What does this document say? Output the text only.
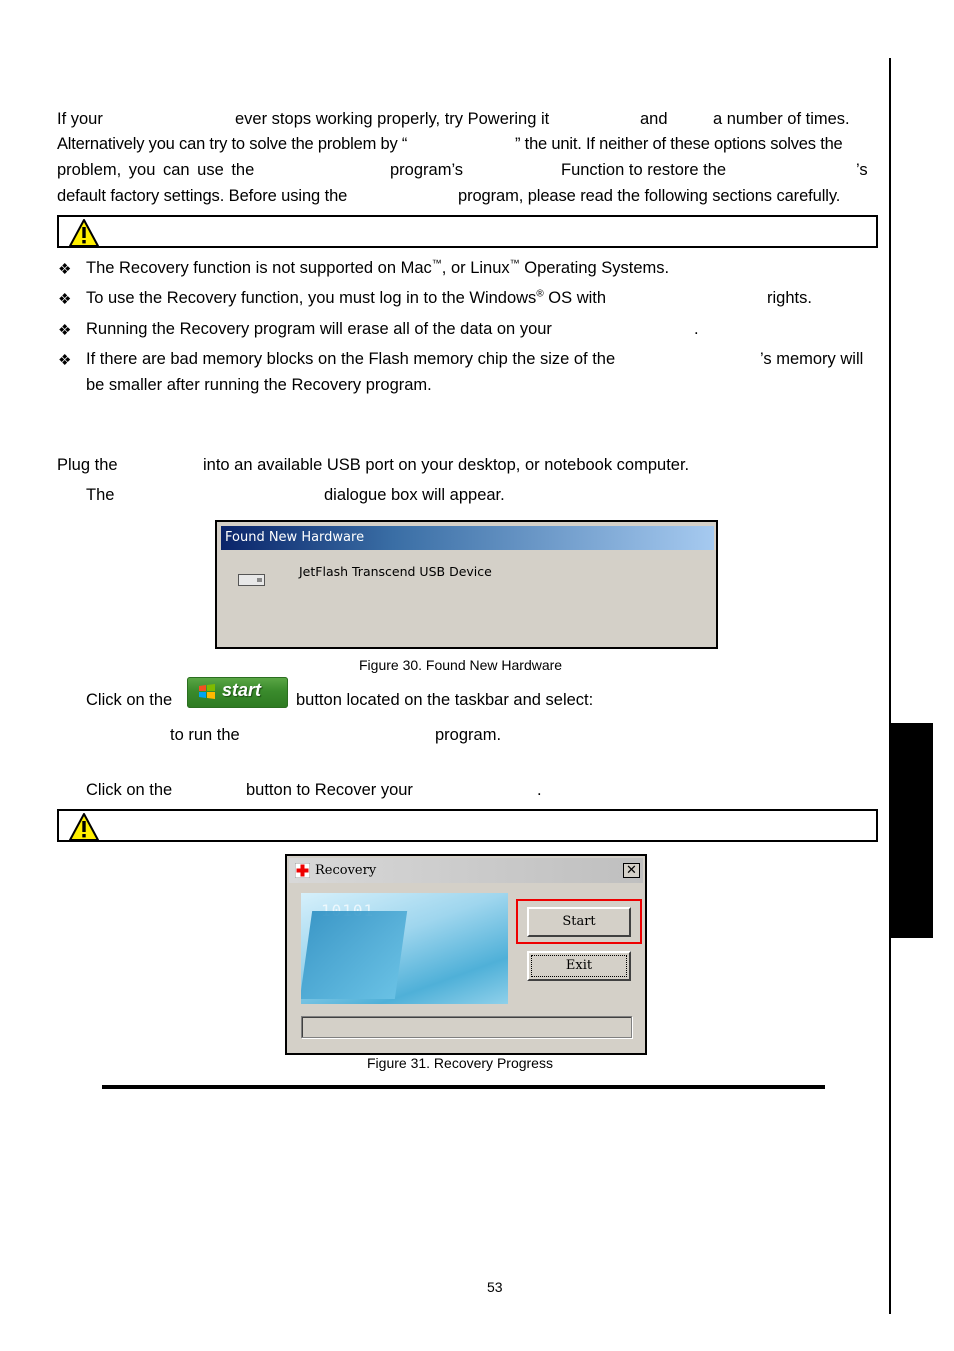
If your	ever stops working properly, try Powering it	and	a number of times.
Alternatively you can try to solve the problem by “	” the unit. If neither of these options solves the
problem, you can use the	program’s	Function to restore the	’s
default factory settings. Before using the	program, please read the following sections carefully.
❖ The Recovery function is not supported on Mac™, or Linux™ Operating Systems.
❖ To use the Recovery function, you must log in to the Windows® OS with	rights.
❖ Running the Recovery program will erase all of the data on your	.
❖ If there are bad memory blocks on the Flash memory chip the size of the	’s memory will
be smaller after running the Recovery program.
Plug the	into an available USB port on your desktop, or notebook computer.
The	dialogue box will appear.
Found New Hardware
JetFlash Transcend USB Device
Figure 30. Found New Hardware
Click on the	start button located on the taskbar and select:
to run the	program.
Click on the	button to Recover your	.
Recovery	✕
Start
Exit
Figure 31. Recovery Progress
53
